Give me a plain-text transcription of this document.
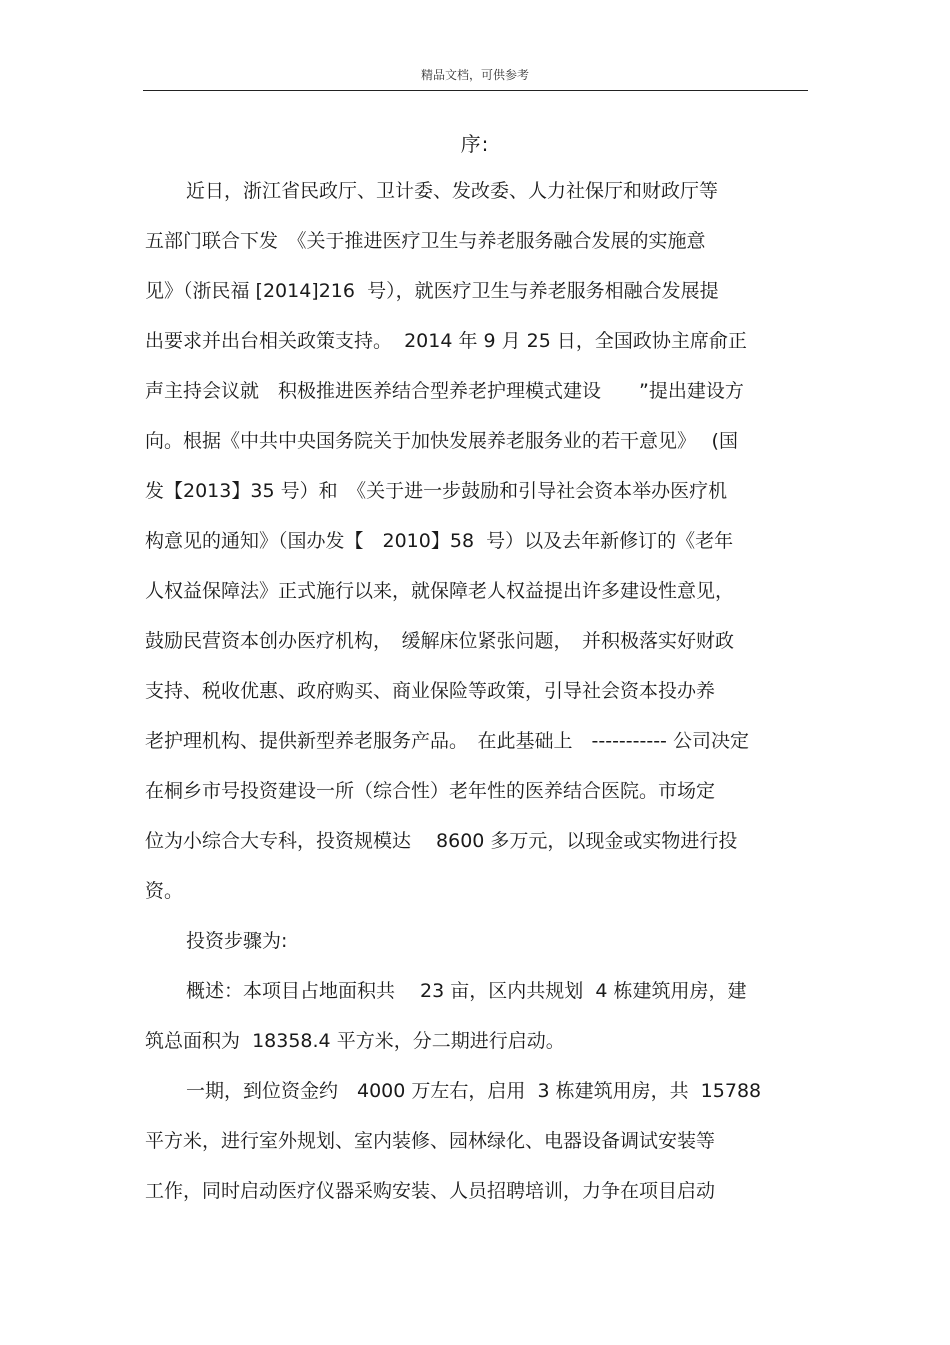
精品文档，可供参考
序:
近日，浙江省民政厅、卫计委、发改委、人力社保厅和财政厅等
五部门联合下发　《关于推进医疗卫生与养老服务融合发展的实施意
见》（浙民福 [2014]216  号），就医疗卫生与养老服务相融合发展提
出要求并出台相关政策支持。  2014 年 9 月 25 日，全国政协主席俞正
声主持会议就　积极推进医养结合型养老护理模式建设　　”提出建设方
向。根据《中共中央国务院关于加快发展养老服务业的若干意见》　 (国
发【2013】35 号）和　《关于进一步鼓励和引导社会资本举办医疗机
构意见的通知》（国办发【　2010】58  号）以及去年新修订的《老年
人权益保障法》正式施行以来，就保障老人权益提出许多建设性意见，
鼓励民营资本创办医疗机构，　缓解床位紧张问题，　并积极落实好财政
支持、税收优惠、政府购买、商业保险等政策，引导社会资本投办养
老护理机构、提供新型养老服务产品。　在此基础上　----------- 公司决定
在桐乡市号投资建设一所（综合性）老年性的医养结合医院。市场定
位为小综合大专科，投资规模达　 8600 多万元，以现金或实物进行投
资。
投资步骤为:
概述：本项目占地面积共　 23 亩，区内共规划  4 栋建筑用房，建
筑总面积为  18358.4 平方米，分二期进行启动。
一期，到位资金约　4000 万左右，启用  3 栋建筑用房，共  15788
平方米，进行室外规划、室内装修、园林绿化、电器设备调试安装等
工作，同时启动医疗仪器采购安装、人员招聘培训，力争在项目启动
